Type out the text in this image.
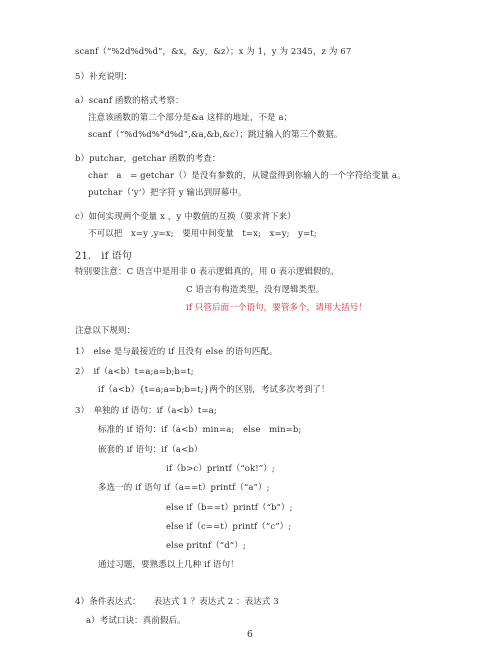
scanf（“%2d%d%d”，&x，&y，&z）；x 为 1，y 为 2345，z 为 67
5）补充说明：
a）scanf 函数的格式考察：
注意该函数的第二个部分是&a 这样的地址，不是 a；
scanf（“%d%d%*d%d”,&a,&b,&c）；跳过输入的第三个数据。
b）putchar，getchar 函数的考查：
char　a　= getchar（）是没有参数的，从键盘得到你输入的一个字符给变量 a。
putchar（‘y’）把字符 y 输出到屏幕中。
c）如何实现两个变量 x ，y 中数值的互换（要求背下来）
不可以把　x=y ,y=x;　要用中间变量　t=x;　x=y;　y=t;
21.　if 语句
特别要注意：C 语言中是用非 0 表示逻辑真的，用 0 表示逻辑假的。
C 语言有构造类型，没有逻辑类型。
if 只管后面一个语句，要管多个，请用大括号！
注意以下规则：
1）　else 是与最接近的 if 且没有 else 的语句匹配。
2）　if（a<b）t=a;a=b;b=t;
if（a<b）{t=a;a=b;b=t;}两个的区别，考试多次考到了！
3）　单独的 if 语句：if（a<b）t=a;
标准的 if 语句：if（a<b）min=a;　else　min=b;
嵌套的 if 语句：if（a<b）
if（b>c）printf（“ok!”）;
多选一的 if 语句 if（a==t）printf（“a”）;
else if（b==t）printf（“b”）;
else if（c==t）printf（“c”）;
else pritnf（“d”）;
通过习题，要熟悉以上几种 if 语句！
4）条件表达式：　　表达式 1 ？表达式 2 ：表达式 3
a）考试口诀：真前假后。
6
